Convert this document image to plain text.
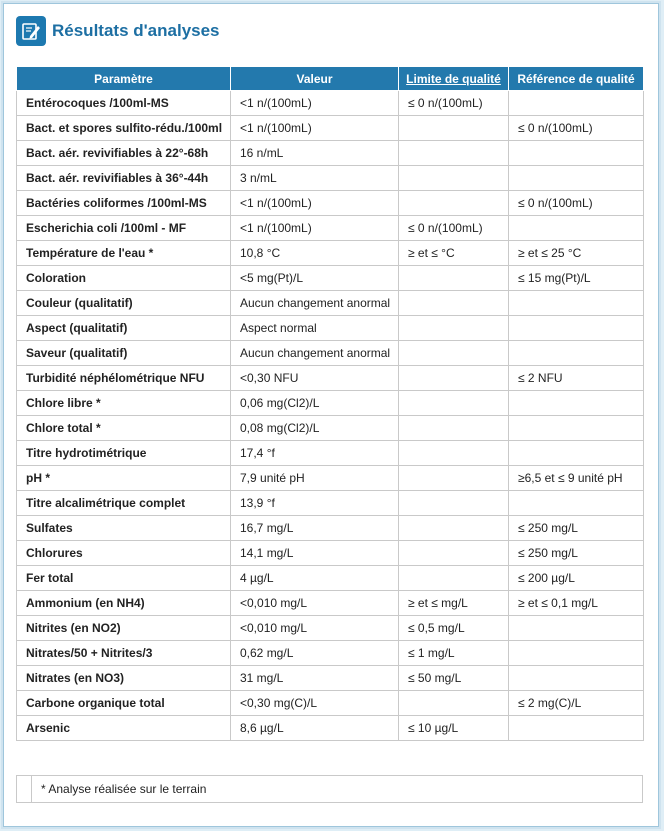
Résultats d'analyses
Paramètre	Valeur	Limite de qualité	Référence de qualité
Entérocoques /100ml-MS	<1 n/(100mL)	≤ 0 n/(100mL)	
Bact. et spores sulfito-rédu./100ml	<1 n/(100mL)		≤ 0 n/(100mL)
Bact. aér. revivifiables à 22°-68h	16 n/mL		
Bact. aér. revivifiables à 36°-44h	3 n/mL		
Bactéries coliformes /100ml-MS	<1 n/(100mL)		≤ 0 n/(100mL)
Escherichia coli /100ml - MF	<1 n/(100mL)	≤ 0 n/(100mL)	
Température de l'eau *	10,8 °C	≥ et ≤ °C	≥ et ≤ 25 °C
Coloration	<5 mg(Pt)/L		≤ 15 mg(Pt)/L
Couleur (qualitatif)	Aucun changement anormal		
Aspect (qualitatif)	Aspect normal		
Saveur (qualitatif)	Aucun changement anormal		
Turbidité néphélométrique NFU	<0,30 NFU		≤ 2 NFU
Chlore libre *	0,06 mg(Cl2)/L		
Chlore total *	0,08 mg(Cl2)/L		
Titre hydrotimétrique	17,4 °f		
pH *	7,9 unité pH		≥6,5 et ≤ 9 unité pH
Titre alcalimétrique complet	13,9 °f		
Sulfates	16,7 mg/L		≤ 250 mg/L
Chlorures	14,1 mg/L		≤ 250 mg/L
Fer total	4 µg/L		≤ 200 µg/L
Ammonium (en NH4)	<0,010 mg/L	≥ et ≤ mg/L	≥ et ≤ 0,1 mg/L
Nitrites (en NO2)	<0,010 mg/L	≤ 0,5 mg/L	
Nitrates/50 + Nitrites/3	0,62 mg/L	≤ 1 mg/L	
Nitrates (en NO3)	31 mg/L	≤ 50 mg/L	
Carbone organique total	<0,30 mg(C)/L		≤ 2 mg(C)/L
Arsenic	8,6 µg/L	≤ 10 µg/L	
* Analyse réalisée sur le terrain
